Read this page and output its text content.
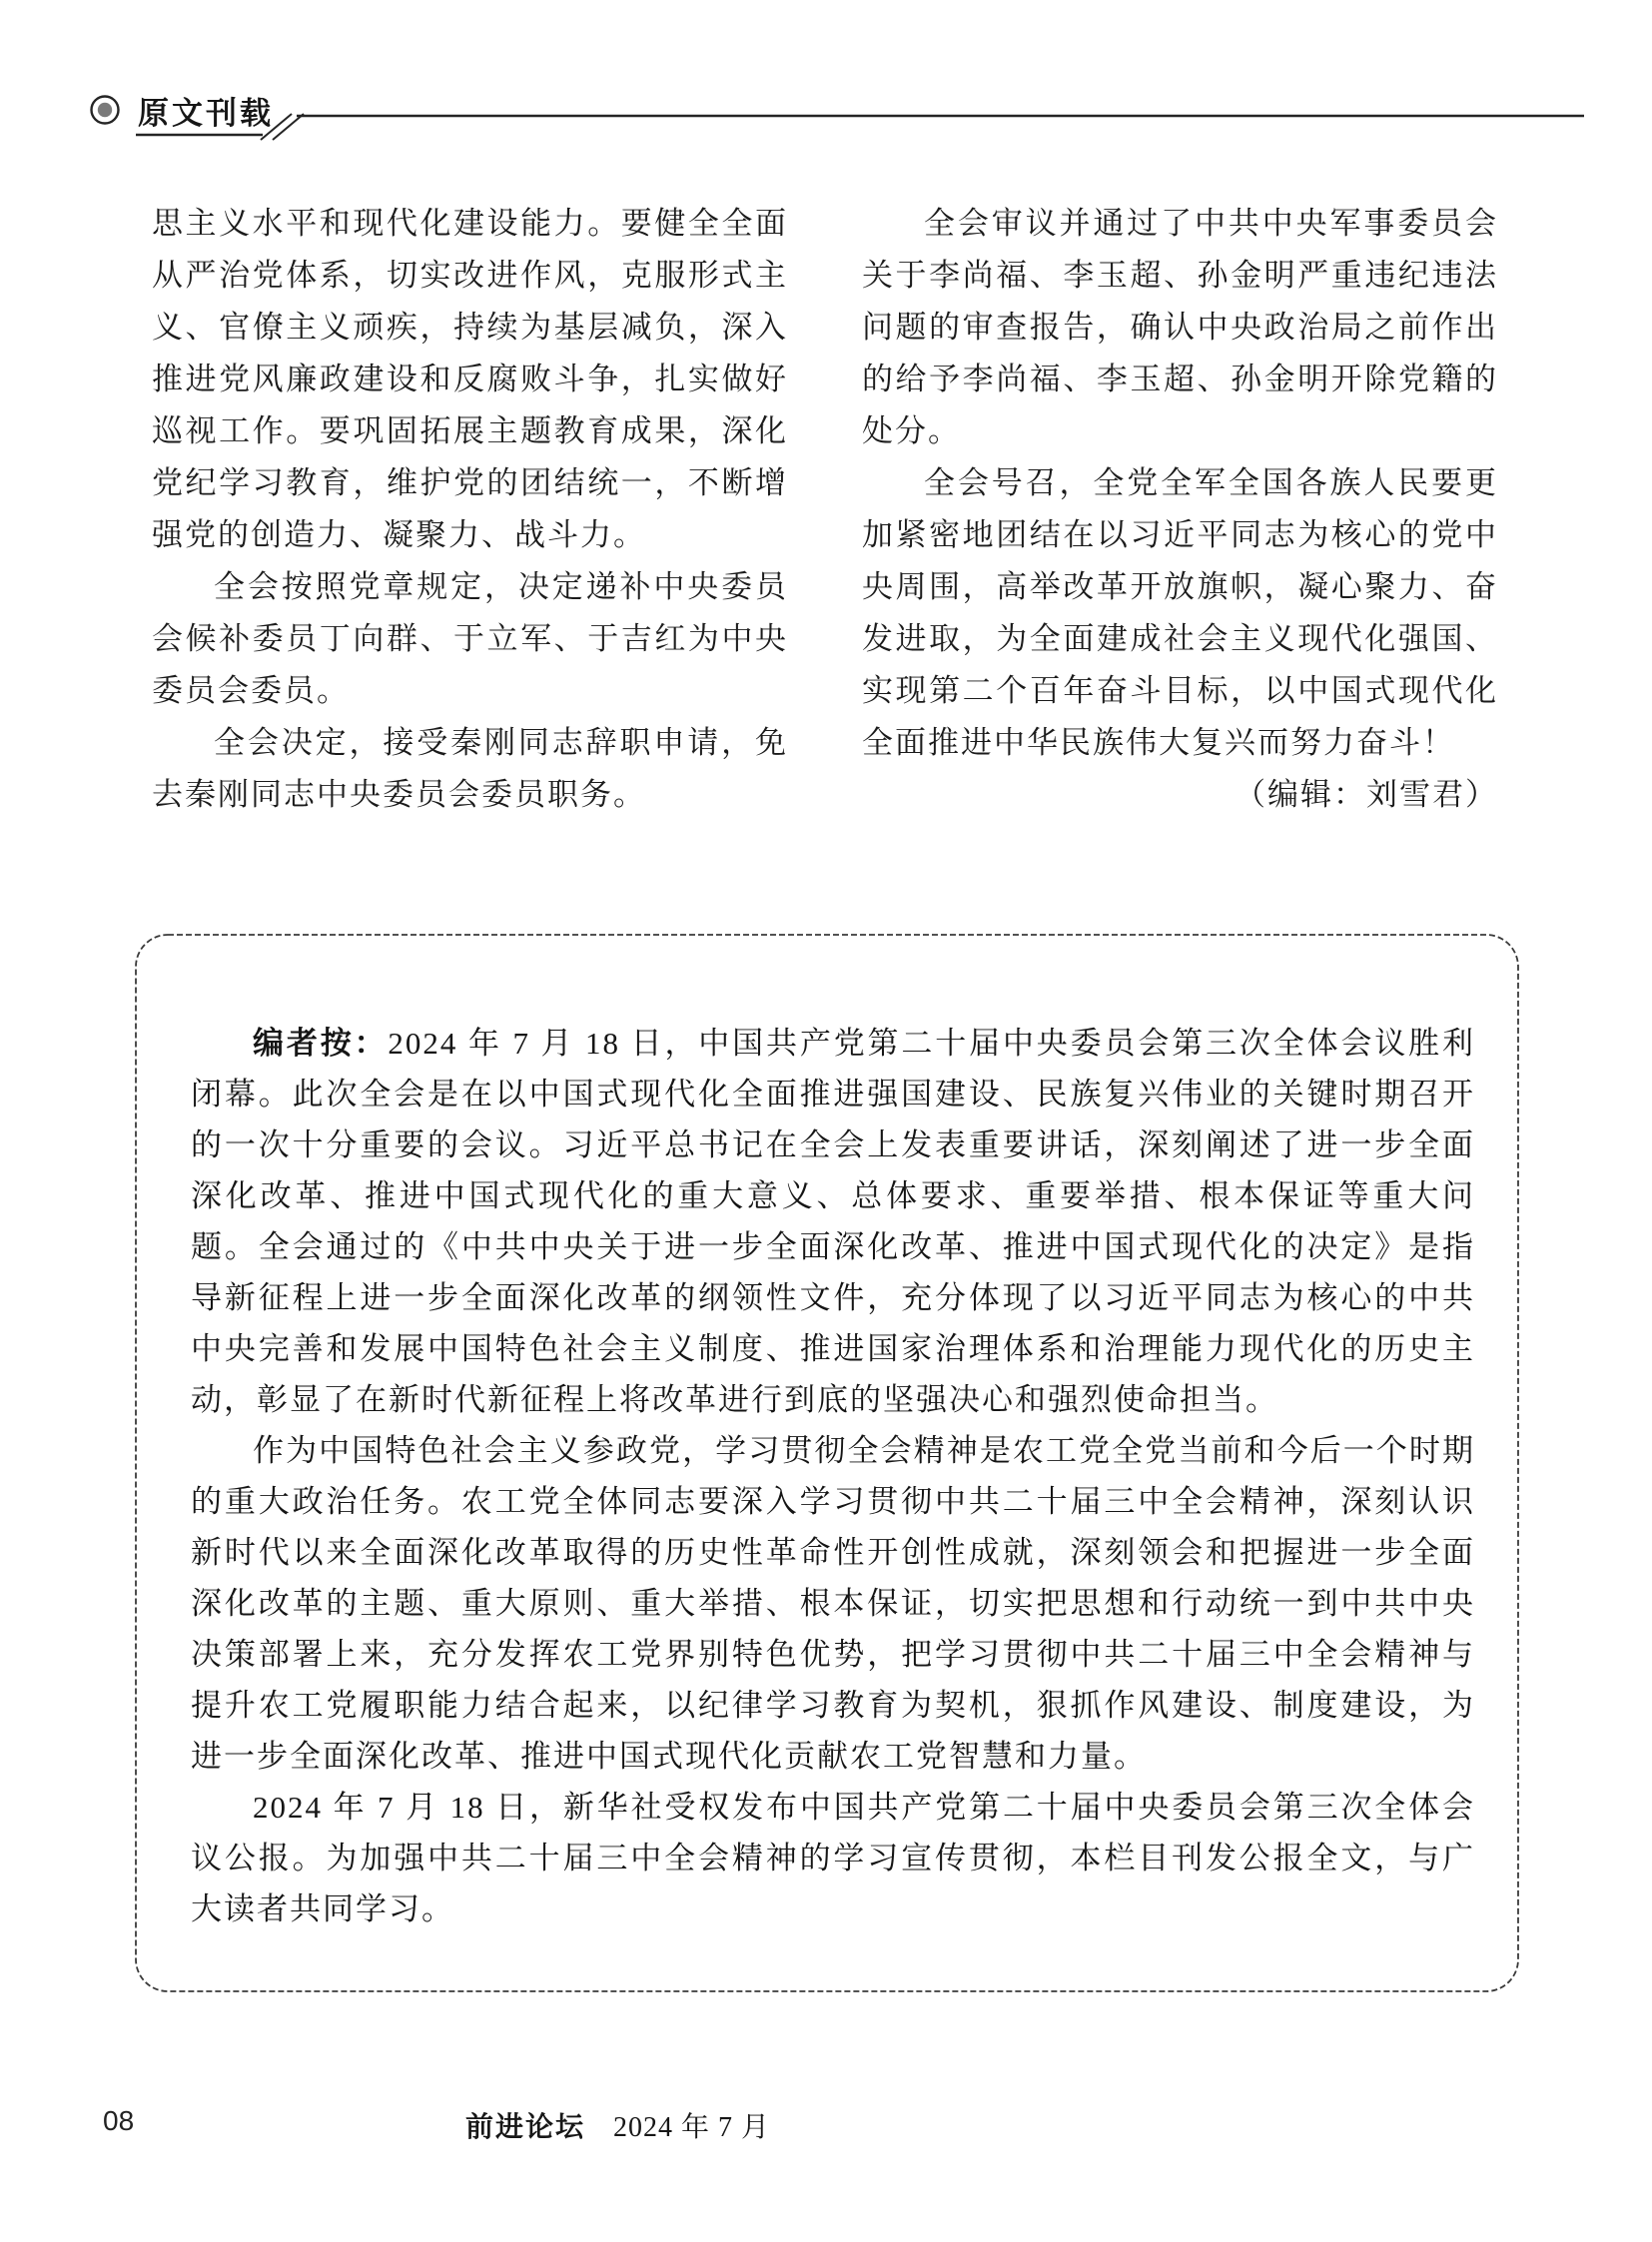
原文刊载

思主义水平和现代化建设能力。要健全全面从严治党体系，切实改进作风，克服形式主义、官僚主义顽疾，持续为基层减负，深入推进党风廉政建设和反腐败斗争，扎实做好巡视工作。要巩固拓展主题教育成果，深化党纪学习教育，维护党的团结统一，不断增强党的创造力、凝聚力、战斗力。

全会按照党章规定，决定递补中央委员会候补委员丁向群、于立军、于吉红为中央委员会委员。

全会决定，接受秦刚同志辞职申请，免去秦刚同志中央委员会委员职务。

全会审议并通过了中共中央军事委员会关于李尚福、李玉超、孙金明严重违纪违法问题的审查报告，确认中央政治局之前作出的给予李尚福、李玉超、孙金明开除党籍的处分。

全会号召，全党全军全国各族人民要更加紧密地团结在以习近平同志为核心的党中央周围，高举改革开放旗帜，凝心聚力、奋发进取，为全面建成社会主义现代化强国、实现第二个百年奋斗目标，以中国式现代化全面推进中华民族伟大复兴而努力奋斗！

（编辑：刘雪君）

编者按：2024 年 7 月 18 日，中国共产党第二十届中央委员会第三次全体会议胜利闭幕。此次全会是在以中国式现代化全面推进强国建设、民族复兴伟业的关键时期召开的一次十分重要的会议。习近平总书记在全会上发表重要讲话，深刻阐述了进一步全面深化改革、推进中国式现代化的重大意义、总体要求、重要举措、根本保证等重大问题。全会通过的《中共中央关于进一步全面深化改革、推进中国式现代化的决定》是指导新征程上进一步全面深化改革的纲领性文件，充分体现了以习近平同志为核心的中共中央完善和发展中国特色社会主义制度、推进国家治理体系和治理能力现代化的历史主动，彰显了在新时代新征程上将改革进行到底的坚强决心和强烈使命担当。

作为中国特色社会主义参政党，学习贯彻全会精神是农工党全党当前和今后一个时期的重大政治任务。农工党全体同志要深入学习贯彻中共二十届三中全会精神，深刻认识新时代以来全面深化改革取得的历史性革命性开创性成就，深刻领会和把握进一步全面深化改革的主题、重大原则、重大举措、根本保证，切实把思想和行动统一到中共中央决策部署上来，充分发挥农工党界别特色优势，把学习贯彻中共二十届三中全会精神与提升农工党履职能力结合起来，以纪律学习教育为契机，狠抓作风建设、制度建设，为进一步全面深化改革、推进中国式现代化贡献农工党智慧和力量。

2024 年 7 月 18 日，新华社受权发布中国共产党第二十届中央委员会第三次全体会议公报。为加强中共二十届三中全会精神的学习宣传贯彻，本栏目刊发公报全文，与广大读者共同学习。

08	前进论坛 2024 年 7 月
